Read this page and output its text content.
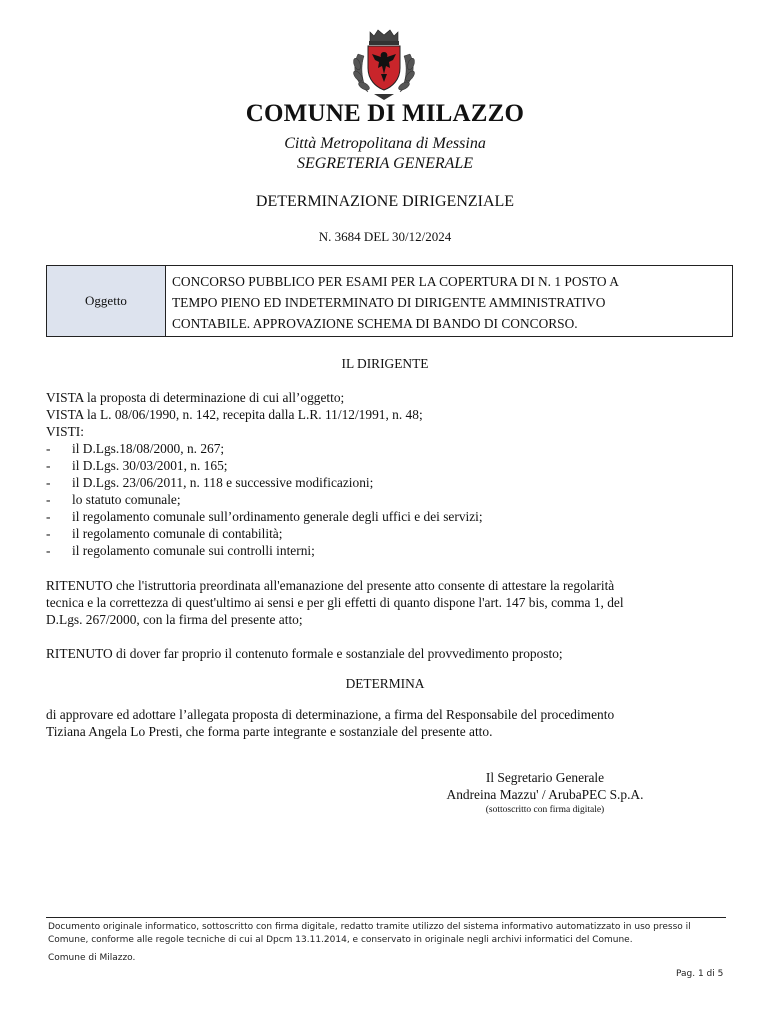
COMUNE DI MILAZZO
Città Metropolitana di Messina
SEGRETERIA GENERALE
DETERMINAZIONE DIRIGENZIALE
N. 3684 DEL 30/12/2024
Oggetto
CONCORSO PUBBLICO PER ESAMI PER LA COPERTURA DI N. 1 POSTO A
TEMPO PIENO ED INDETERMINATO DI DIRIGENTE AMMINISTRATIVO
CONTABILE. APPROVAZIONE SCHEMA DI BANDO DI CONCORSO.
IL DIRIGENTE
VISTA la proposta di determinazione di cui all’oggetto;
VISTA la L. 08/06/1990, n. 142, recepita dalla L.R. 11/12/1991, n. 48;
VISTI:
- il D.Lgs.18/08/2000, n. 267;
- il D.Lgs. 30/03/2001, n. 165;
- il D.Lgs. 23/06/2011, n. 118 e successive modificazioni;
- lo statuto comunale;
- il regolamento comunale sull’ordinamento generale degli uffici e dei servizi;
- il regolamento comunale di contabilità;
- il regolamento comunale sui controlli interni;
RITENUTO che l'istruttoria preordinata all'emanazione del presente atto consente di attestare la regolarità
tecnica e la correttezza di quest'ultimo ai sensi e per gli effetti di quanto dispone l'art. 147 bis, comma 1, del
D.Lgs. 267/2000, con la firma del presente atto;
RITENUTO di dover far proprio il contenuto formale e sostanziale del provvedimento proposto;
DETERMINA
di approvare ed adottare l’allegata proposta di determinazione, a firma del Responsabile del procedimento
Tiziana Angela Lo Presti, che forma parte integrante e sostanziale del presente atto.
Il Segretario Generale
Andreina Mazzu' / ArubaPEC S.p.A.
(sottoscritto con firma digitale)
Documento originale informatico, sottoscritto con firma digitale, redatto tramite utilizzo del sistema informativo automatizzato in uso presso il
Comune, conforme alle regole tecniche di cui al Dpcm 13.11.2014, e conservato in originale negli archivi informatici del Comune.
Comune di Milazzo.
Pag. 1 di 5
